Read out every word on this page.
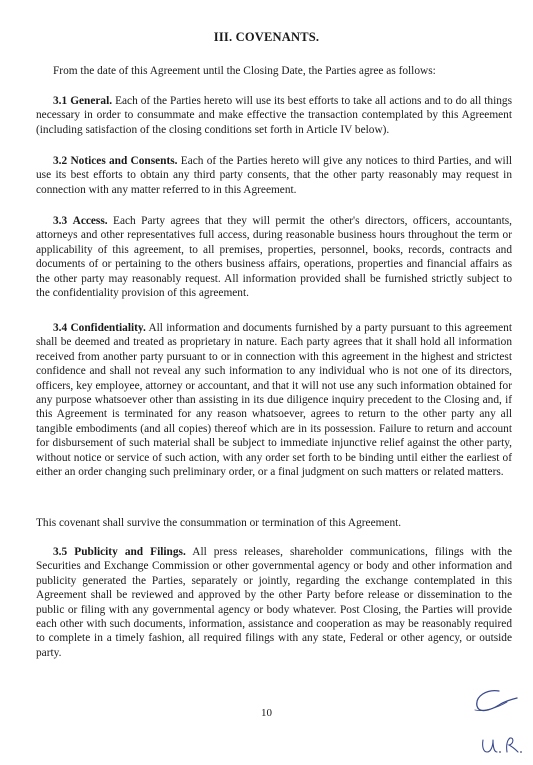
III. COVENANTS.
From the date of this Agreement until the Closing Date, the Parties agree as follows:
3.1 General. Each of the Parties hereto will use its best efforts to take all actions and to do all things necessary in order to consummate and make effective the transaction contemplated by this Agreement (including satisfaction of the closing conditions set forth in Article IV below).
3.2 Notices and Consents. Each of the Parties hereto will give any notices to third Parties, and will use its best efforts to obtain any third party consents, that the other party reasonably may request in connection with any matter referred to in this Agreement.
3.3 Access. Each Party agrees that they will permit the other's directors, officers, accountants, attorneys and other representatives full access, during reasonable business hours throughout the term or applicability of this agreement, to all premises, properties, personnel, books, records, contracts and documents of or pertaining to the others business affairs, operations, properties and financial affairs as the other party may reasonably request. All information provided shall be furnished strictly subject to the confidentiality provision of this agreement.
3.4 Confidentiality. All information and documents furnished by a party pursuant to this agreement shall be deemed and treated as proprietary in nature. Each party agrees that it shall hold all information received from another party pursuant to or in connection with this agreement in the highest and strictest confidence and shall not reveal any such information to any individual who is not one of its directors, officers, key employee, attorney or accountant, and that it will not use any such information obtained for any purpose whatsoever other than assisting in its due diligence inquiry precedent to the Closing and, if this Agreement is terminated for any reason whatsoever, agrees to return to the other party any all tangible embodiments (and all copies) thereof which are in its possession. Failure to return and account for disbursement of such material shall be subject to immediate injunctive relief against the other party, without notice or service of such action, with any order set forth to be binding until either the earliest of either an order changing such preliminary order, or a final judgment on such matters or related matters.
This covenant shall survive the consummation or termination of this Agreement.
3.5 Publicity and Filings. All press releases, shareholder communications, filings with the Securities and Exchange Commission or other governmental agency or body and other information and publicity generated the Parties, separately or jointly, regarding the exchange contemplated in this Agreement shall be reviewed and approved by the other Party before release or dissemination to the public or filing with any governmental agency or body whatever. Post Closing, the Parties will provide each other with such documents, information, assistance and cooperation as may be reasonably required to complete in a timely fashion, all required filings with any state, Federal or other agency, or outside party.
10
